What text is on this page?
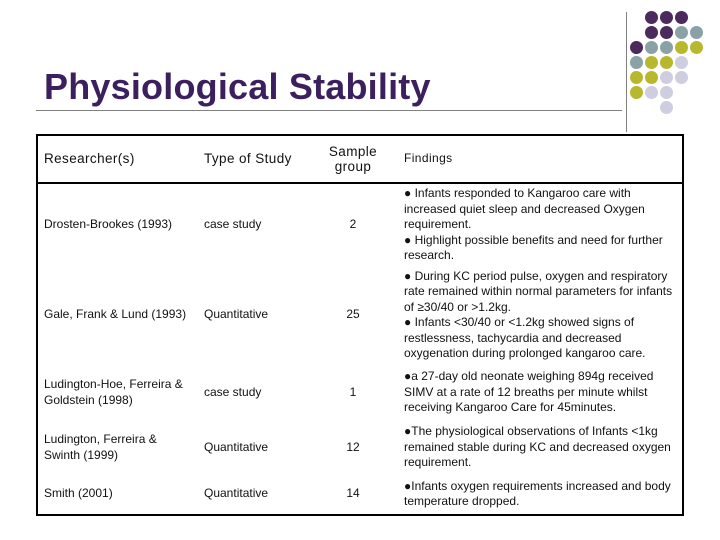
Physiological Stability
Researcher(s)	Type of Study	Sample group	Findings
Drosten-Brookes (1993)	case study	2	● Infants responded to Kangaroo care with increased quiet sleep and decreased Oxygen requirement.
● Highlight possible benefits and need for further research.

Gale, Frank & Lund (1993)	Quantitative	25	● During KC period pulse, oxygen and respiratory rate remained within normal parameters for infants of ≥30/40 or >1.2kg.
● Infants <30/40 or <1.2kg showed signs of restlessness, tachycardia and decreased oxygenation during prolonged kangaroo care.

Ludington-Hoe, Ferreira & Goldstein (1998)	case study	1	●a 27-day old neonate weighing 894g received SIMV at a rate of 12 breaths per minute whilst receiving Kangaroo Care for 45minutes.

Ludington, Ferreira & Swinth (1999)	Quantitative	12	●The physiological observations of Infants <1kg remained stable during KC and decreased oxygen requirement.

Smith (2001)	Quantitative	14	●Infants oxygen requirements increased and body temperature dropped.
